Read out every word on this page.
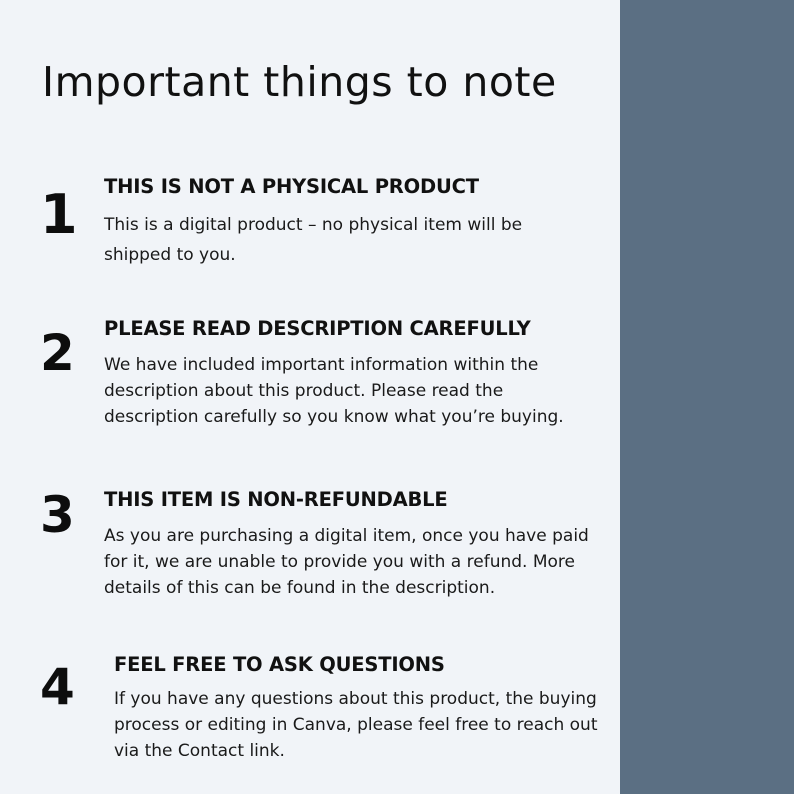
Important things to note
1 THIS IS NOT A PHYSICAL PRODUCT

This is a digital product – no physical item will be shipped to you.

2 PLEASE READ DESCRIPTION CAREFULLY

We have included important information within the description about this product. Please read the description carefully so you know what you’re buying.

3 THIS ITEM IS NON-REFUNDABLE

As you are purchasing a digital item, once you have paid for it, we are unable to provide you with a refund. More details of this can be found in the description.

4 FEEL FREE TO ASK QUESTIONS

If you have any questions about this product, the buying process or editing in Canva, please feel free to reach out via the Contact link.
